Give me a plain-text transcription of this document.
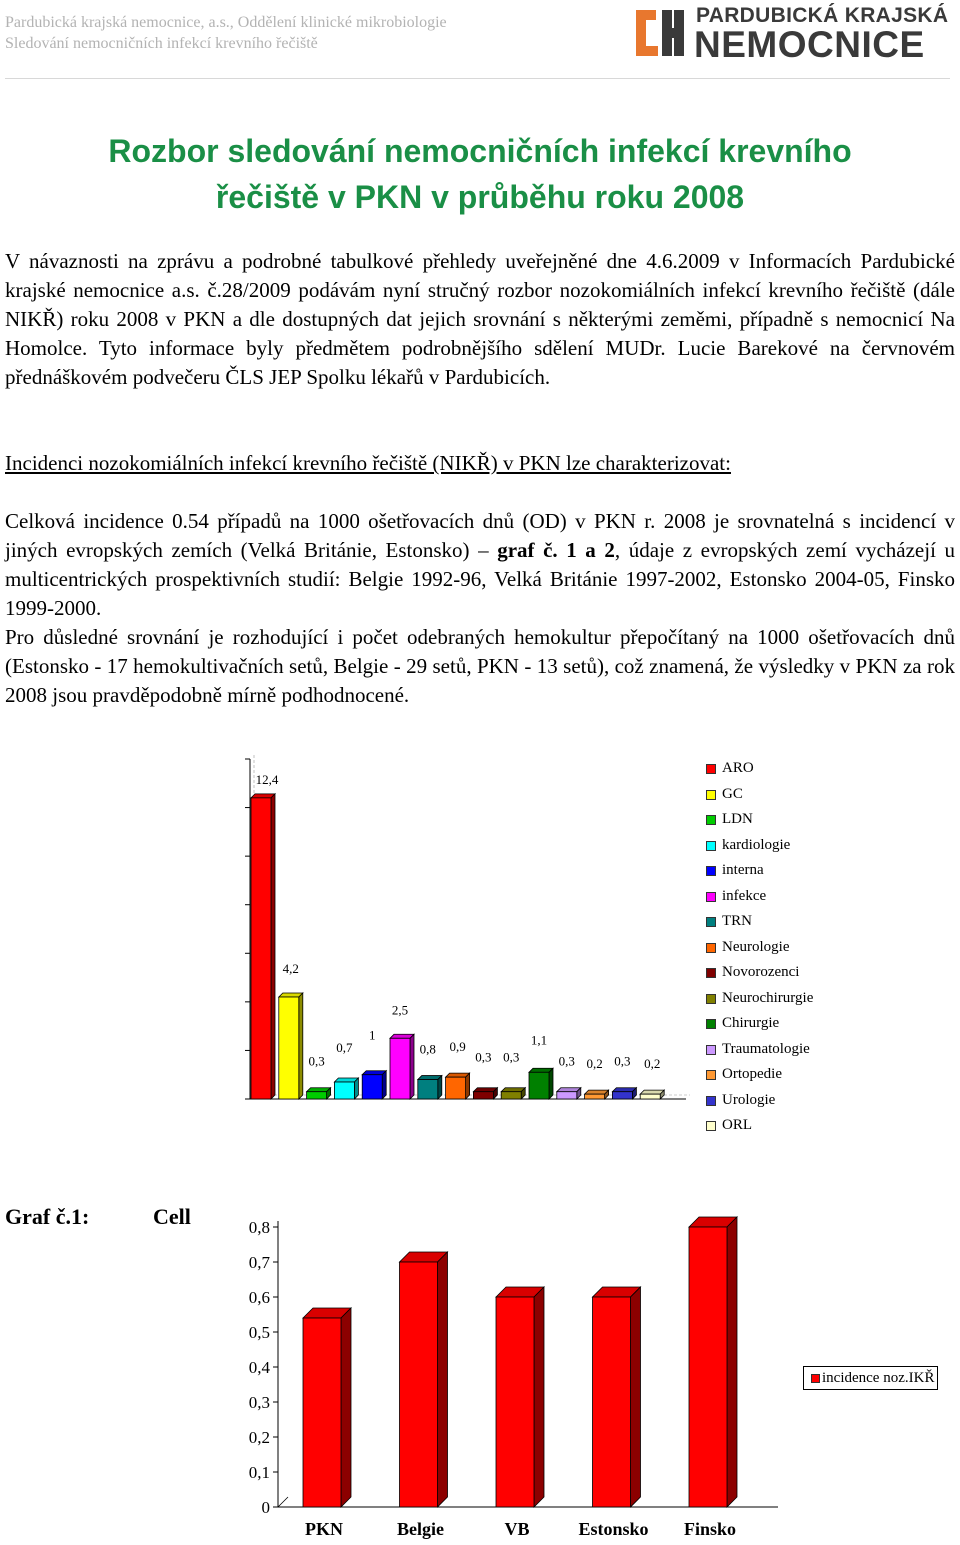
Pardubická krajská nemocnice, a.s., Oddělení klinické mikrobiologie
Sledování nemocničních infekcí krevního řečiště
PARDUBICKÁ KRAJSKÁ
NEMOCNICE
Rozbor sledování nemocničních infekcí krevního
řečiště v PKN v průběhu roku 2008
V návaznosti na zprávu a podrobné tabulkové přehledy uveřejněné dne 4.6.2009 v Informacích Pardubické krajské nemocnice a.s. č.28/2009 podávám nyní stručný rozbor nozokomiálních infekcí krevního řečiště (dále NIKŘ) roku 2008 v PKN a dle dostupných dat jejich srovnání s některými zeměmi, případně s nemocnicí Na Homolce. Tyto informace byly předmětem podrobnějšího sdělení MUDr. Lucie Barekové na červnovém přednáškovém podvečeru ČLS JEP Spolku lékařů v Pardubicích.
Incidenci nozokomiálních infekcí krevního řečiště (NIKŘ) v PKN lze charakterizovat:
Celková incidence 0.54 případů na 1000 ošetřovacích dnů (OD) v PKN r. 2008 je srovnatelná s incidencí v jiných evropských zemích (Velká Británie, Estonsko) – graf č. 1 a 2, údaje z evropských zemí vycházejí u multicentrických prospektivních studií: Belgie 1992-96, Velká Británie 1997-2002, Estonsko 2004-05, Finsko 1999-2000.
Pro důsledné srovnání je rozhodující i počet odebraných hemokultur přepočítaný na 1000 ošetřovacích dnů (Estonsko - 17 hemokultivačních setů, Belgie - 29 setů, PKN - 13 setů), což znamená, že výsledky v PKN za rok 2008 jsou pravděpodobně mírně podhodnocené.
12,4
4,2
0,3
0,7
1
2,5
0,8 0,9
0,3 0,3
1,1
0,3 0,2 0,3 0,2
ARO
GC
LDN
kardiologie
interna
infekce
TRN
Neurologie
Novorozenci
Neurochirurgie
Chirurgie
Traumatologie
Ortopedie
Urologie
ORL
Graf č.1:	Cell
0
0,1
0,2
0,3
0,4
0,5
0,6
0,7
0,8
PKN	Belgie	VB	Estonsko Finsko
incidence noz.IKŘ
